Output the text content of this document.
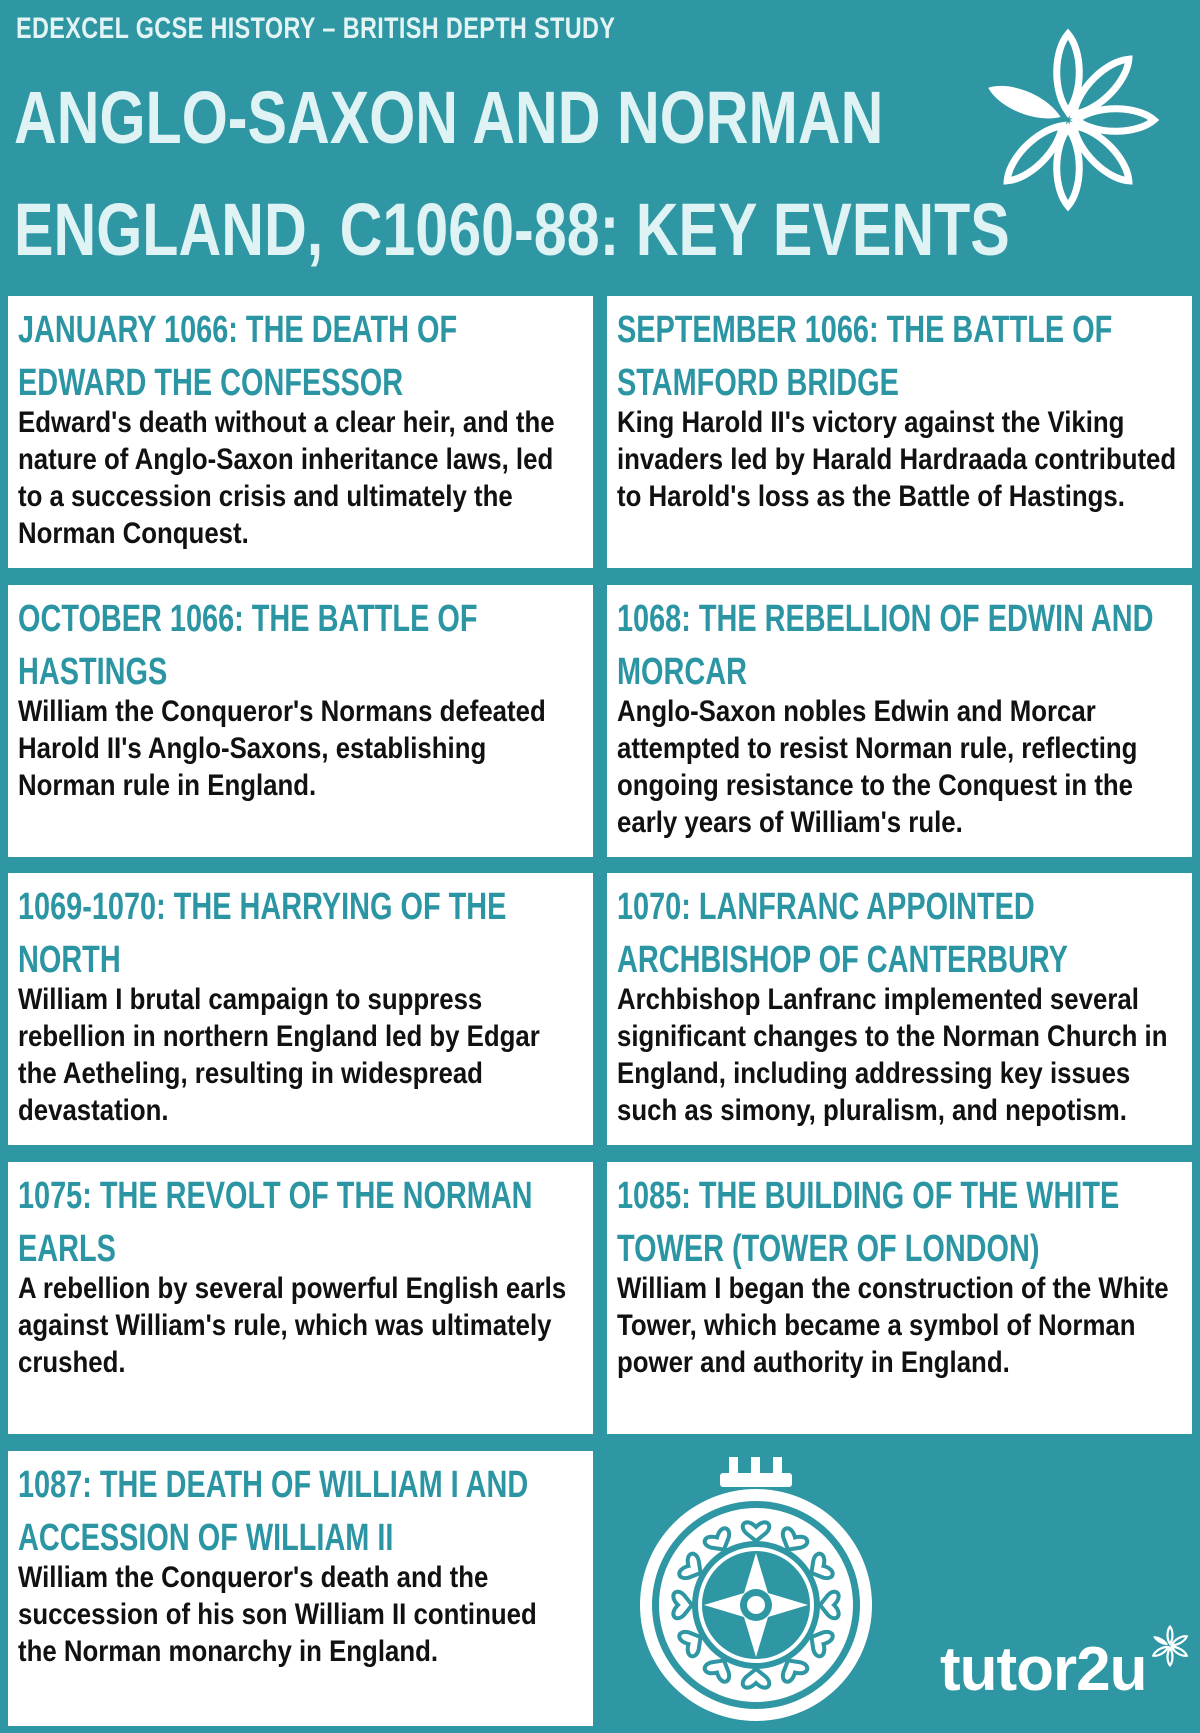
EDEXCEL GCSE HISTORY – BRITISH DEPTH STUDY
ANGLO-SAXON AND NORMAN
ENGLAND, C1060-88: KEY EVENTS
JANUARY 1066: THE DEATH OF EDWARD THE CONFESSOR
Edward's death without a clear heir, and the nature of Anglo-Saxon inheritance laws, led to a succession crisis and ultimately the Norman Conquest.
SEPTEMBER 1066: THE BATTLE OF STAMFORD BRIDGE
King Harold II's victory against the Viking invaders led by Harald Hardraada contributed to Harold's loss as the Battle of Hastings.
OCTOBER 1066: THE BATTLE OF HASTINGS
William the Conqueror's Normans defeated Harold II's Anglo-Saxons, establishing Norman rule in England.
1068: THE REBELLION OF EDWIN AND MORCAR
Anglo-Saxon nobles Edwin and Morcar attempted to resist Norman rule, reflecting ongoing resistance to the Conquest in the early years of William's rule.
1069-1070: THE HARRYING OF THE NORTH
William I brutal campaign to suppress rebellion in northern England led by Edgar the Aetheling, resulting in widespread devastation.
1070: LANFRANC APPOINTED ARCHBISHOP OF CANTERBURY
Archbishop Lanfranc implemented several significant changes to the Norman Church in England, including addressing key issues such as simony, pluralism, and nepotism.
1075: THE REVOLT OF THE NORMAN EARLS
A rebellion by several powerful English earls against William's rule, which was ultimately crushed.
1085: THE BUILDING OF THE WHITE TOWER (TOWER OF LONDON)
William I began the construction of the White Tower, which became a symbol of Norman power and authority in England.
1087: THE DEATH OF WILLIAM I AND ACCESSION OF WILLIAM II
William the Conqueror's death and the succession of his son William II continued the Norman monarchy in England.	tutor2u
